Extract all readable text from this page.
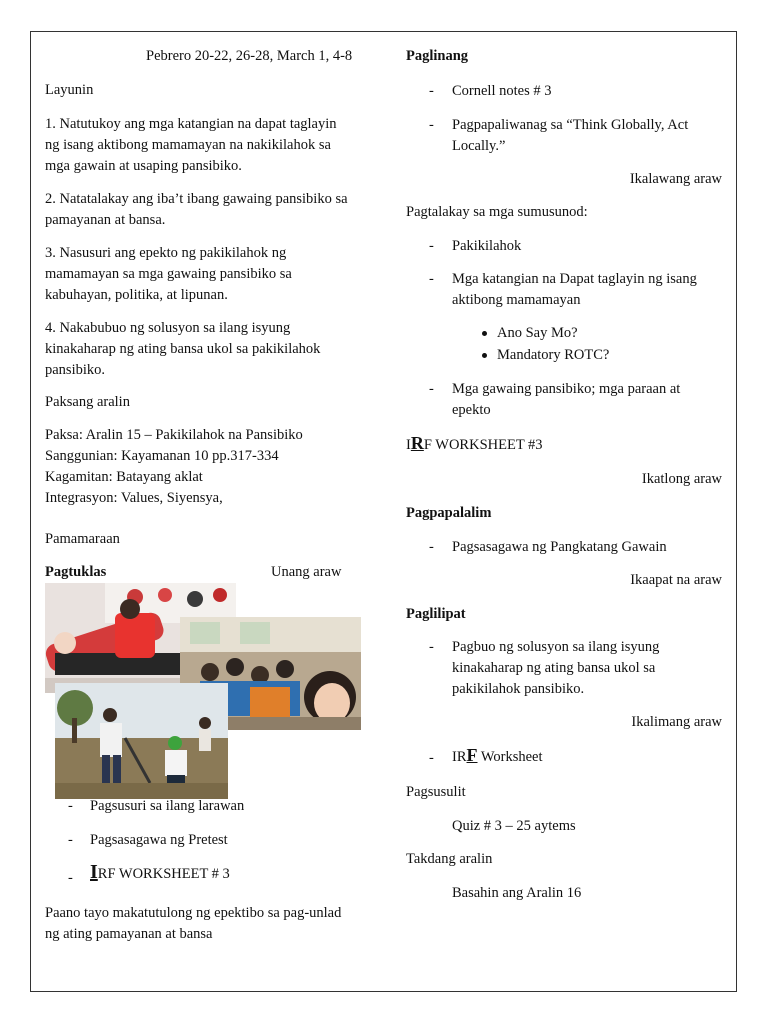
Pebrero 20-22, 26-28, March 1, 4-8
Layunin
1. Natutukoy ang mga katangian na dapat taglayin
ng isang aktibong mamamayan na nakikilahok sa
mga gawain at usaping pansibiko.
2. Natatalakay ang iba’t ibang gawaing pansibiko sa
pamayanan at bansa.
3. Nasusuri ang epekto ng pakikilahok ng
mamamayan sa mga gawaing pansibiko sa
kabuhayan, politika, at lipunan.
4. Nakabubuo ng solusyon sa ilang isyung
kinakaharap ng ating bansa ukol sa pakikilahok
pansibiko.
Paksang aralin
Paksa: Aralin 15 – Pakikilahok na Pansibiko
Sanggunian: Kayamanan 10 pp.317-334
Kagamitan: Batayang aklat
Integrasyon: Values, Siyensya,
Pamamaraan
Pagtuklas	Unang araw
- Pagsusuri sa ilang larawan
- Pagsasagawa ng Pretest
- IRF WORKSHEET # 3
Paano tayo makatutulong ng epektibo sa pag-unlad
ng ating pamayanan at bansa
Paglinang
- Cornell notes # 3
- Pagpapaliwanag sa “Think Globally, Act
Locally.”
Ikalawang araw
Pagtalakay sa mga sumusunod:
- Pakikilahok
- Mga katangian na Dapat taglayin ng isang
aktibong mamamayan
Ano Say Mo?
Mandatory ROTC?
- Mga gawaing pansibiko; mga paraan at
epekto
IRF WORKSHEET #3
Ikatlong araw
Pagpapalalim
- Pagsasagawa ng Pangkatang Gawain
Ikaapat na araw
Paglilipat
- Pagbuo ng solusyon sa ilang isyung
kinakaharap ng ating bansa ukol sa
pakikilahok pansibiko.
Ikalimang araw
- IRF Worksheet
Pagsusulit
Quiz # 3 – 25 aytems
Takdang aralin
Basahin ang Aralin 16
